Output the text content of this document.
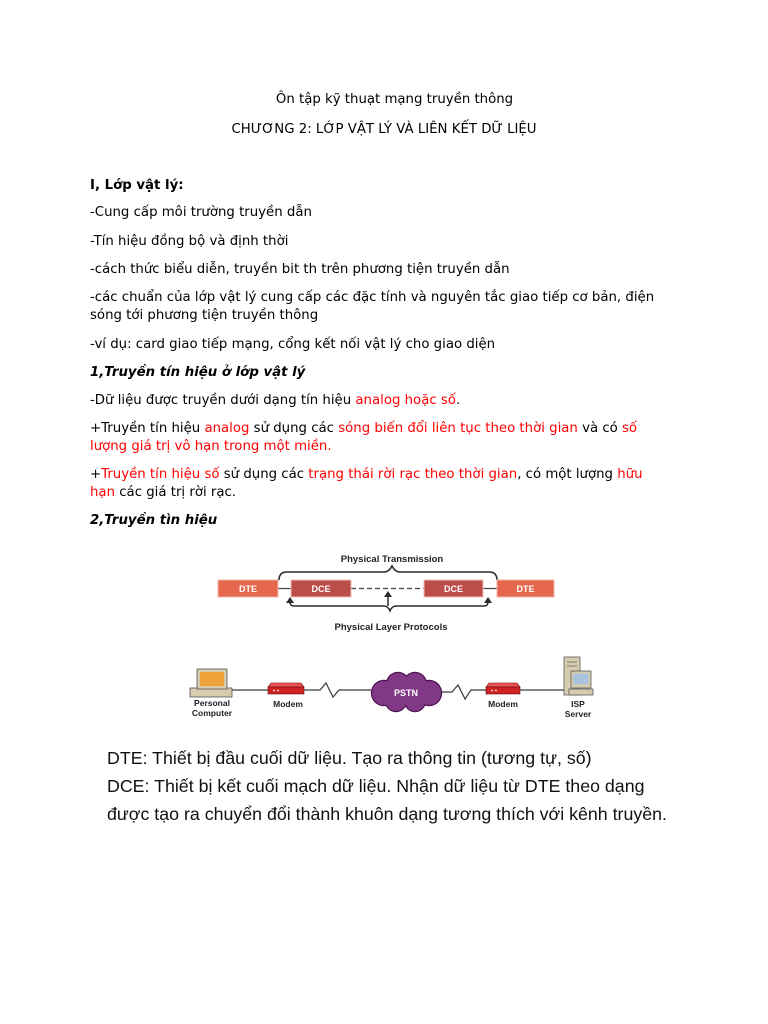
Ôn tập kỹ thuạt mạng truyền thông
CHƯƠNG 2: LỚP VẬT LÝ VÀ LIÊN KẾT DỮ LIỆU
I, Lớp vật lý:
-Cung cấp môi trường truyền dẫn
-Tín hiệu đồng bộ và định thời
-cách thức biểu diễn, truyền bit th trên phương tiện truyền dẫn
-các chuẩn của lớp vật lý cung cấp các đặc tính và nguyên tắc giao tiếp cơ bản, điện
sóng tới phương tiện truyền thông
-ví dụ: card giao tiếp mạng, cổng kết nối vật lý cho giao diện
1,Truyền tín hiệu ở lớp vật lý
-Dữ liệu được truyền dưới dạng tín hiệu analog hoặc số.
+Truyền tín hiệu analog sử dụng các sóng biến đổi liên tục theo thời gian và có số
lượng giá trị vô hạn trong một miền.
+Truyền tín hiệu số sử dụng các trạng thái rời rạc theo thời gian, có một lượng hữu
hạn các giá trị rời rạc.
2,Truyền tìn hiệu
Physical Transmission
DTE	DCE	DCE	DTE
Physical Layer Protocols
Personal
Computer
Modem
PSTN
Modem	ISP
Server
DTE: Thiết bị đầu cuối dữ liệu. Tạo ra thông tin (tương tự, số)
DCE: Thiết bị kết cuối mạch dữ liệu. Nhận dữ liệu từ DTE theo dạng
được tạo ra chuyển đổi thành khuôn dạng tương thích với kênh truyền.
